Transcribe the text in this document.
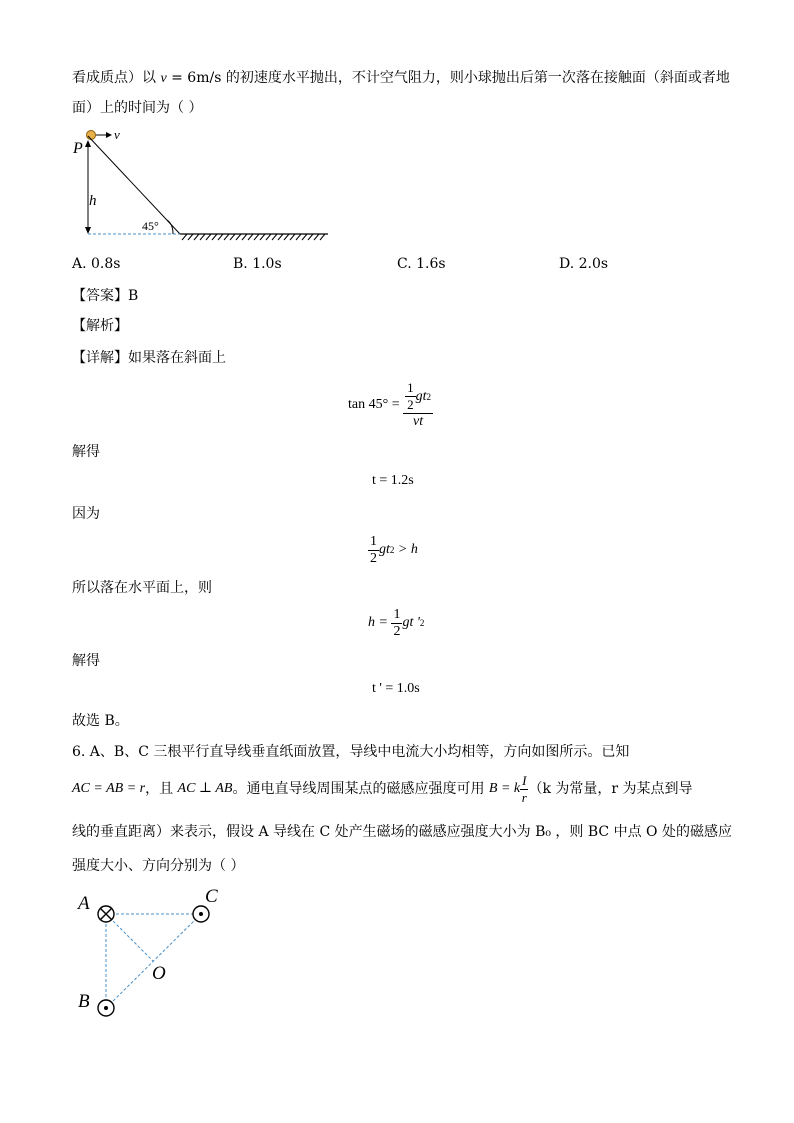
看成质点）以 v = 6m/s 的初速度水平抛出，不计空气阻力，则小球抛出后第一次落在接触面（斜面或者地
面）上的时间为（ ）
v
P
h
45°
A. 0.8s	B. 1.0s	C. 1.6s	D. 2.0s
【答案】B
【解析】
【详解】如果落在斜面上
$\tan 45^\circ = \frac{\frac{1}{2} gt 2}{vt}$
解得
t = 1.2s
因为
$\frac{1}{2}$ gt 2 > h
所以落在水平面上，则
$h = \frac{1}{2}$ gt ' 2
解得
t ' = 1.0s
故选 B。
6. A、B、C 三根平行直导线垂直纸面放置，导线中电流大小均相等，方向如图所示。已知
AC = AB = r ，且 AC ⊥ AB 。通电直导线周围某点的磁感应强度可用 B = k $\frac{I}{r} (k$ 为常量，r 为某点到导
线的垂直距离）来表示，假设 A 导线在 C 处产生磁场的磁感应强度大小为 B₀ ，则 BC 中点 O 处的磁感应
强度大小、方向分别为（ ）
A	C
B
O
